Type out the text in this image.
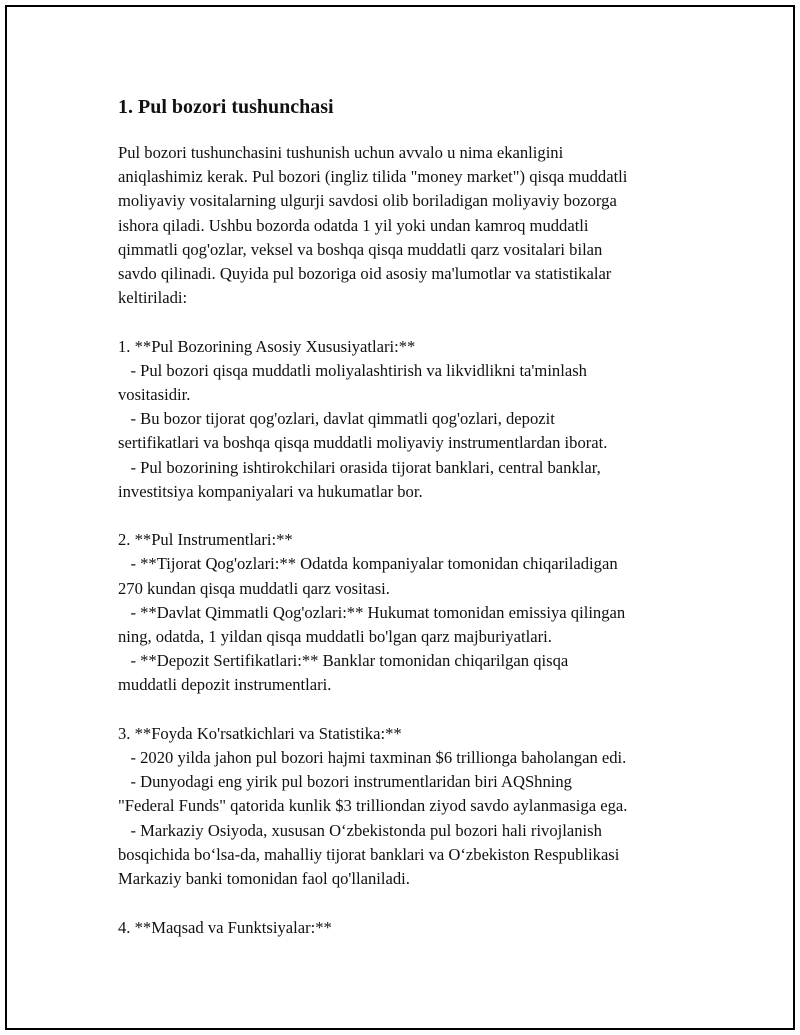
1. Pul bozori tushunchasi

Pul bozori tushunchasini tushunish uchun avvalo u nima ekanligini
aniqlashimiz kerak. Pul bozori (ingliz tilida "money market") qisqa muddatli
moliyaviy vositalarning ulgurji savdosi olib boriladigan moliyaviy bozorga
ishora qiladi. Ushbu bozorda odatda 1 yil yoki undan kamroq muddatli
qimmatli qog'ozlar, veksel va boshqa qisqa muddatli qarz vositalari bilan
savdo qilinadi. Quyida pul bozoriga oid asosiy ma'lumotlar va statistikalar
keltiriladi:

1. **Pul Bozorining Asosiy Xususiyatlari:**
- Pul bozori qisqa muddatli moliyalashtirish va likvidlikni ta'minlash
vositasidir.
- Bu bozor tijorat qog'ozlari, davlat qimmatli qog'ozlari, depozit
sertifikatlari va boshqa qisqa muddatli moliyaviy instrumentlardan iborat.
- Pul bozorining ishtirokchilari orasida tijorat banklari, central banklar,
investitsiya kompaniyalari va hukumatlar bor.

2. **Pul Instrumentlari:**
- **Tijorat Qog'ozlari:** Odatda kompaniyalar tomonidan chiqariladigan
270 kundan qisqa muddatli qarz vositasi.
- **Davlat Qimmatli Qog'ozlari:** Hukumat tomonidan emissiya qilingan
ning, odatda, 1 yildan qisqa muddatli bo'lgan qarz majburiyatlari.
- **Depozit Sertifikatlari:** Banklar tomonidan chiqarilgan qisqa
muddatli depozit instrumentlari.

3. **Foyda Ko'rsatkichlari va Statistika:**
- 2020 yilda jahon pul bozori hajmi taxminan $6 trillionga baholangan edi.
- Dunyodagi eng yirik pul bozori instrumentlaridan biri AQShning
"Federal Funds" qatorida kunlik $3 trilliondan ziyod savdo aylanmasiga ega.
- Markaziy Osiyoda, xususan O‘zbekistonda pul bozori hali rivojlanish
bosqichida bo‘lsa-da, mahalliy tijorat banklari va O‘zbekiston Respublikasi
Markaziy banki tomonidan faol qo'llaniladi.

4. **Maqsad va Funktsiyalar:**
